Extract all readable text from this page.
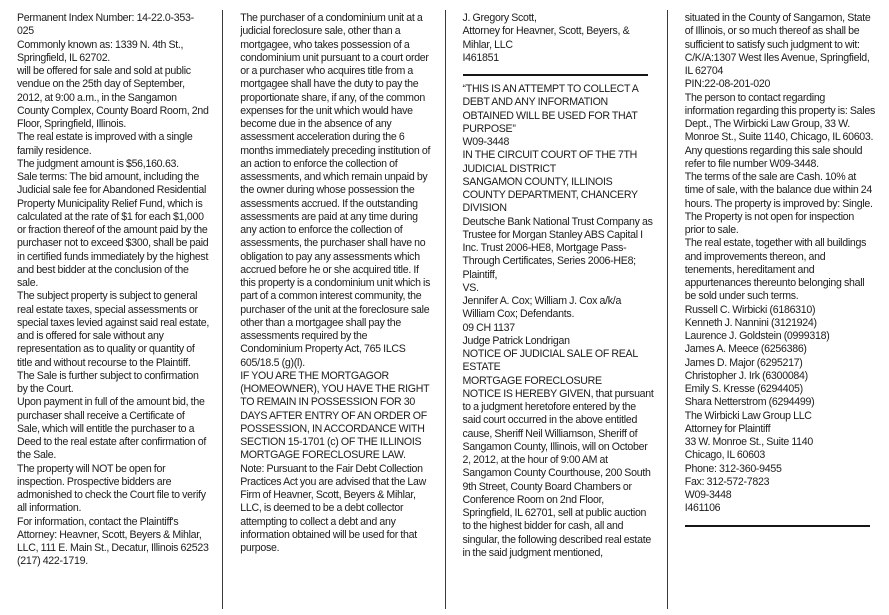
Permanent Index Number: 14-22.0-353-025

Commonly known as: 1339 N. 4th St., Springfield, IL 62702.

will be offered for sale and sold at public vendue on the 25th day of September, 2012, at 9:00 a.m., in the Sangamon County Complex, County Board Room, 2nd Floor, Springfield, Illinois.

The real estate is improved with a single family residence.

The judgment amount is $56,160.63.

Sale terms: The bid amount, including the Judicial sale fee for Abandoned Residential Property Municipality Relief Fund, which is calculated at the rate of $1 for each $1,000 or fraction thereof of the amount paid by the purchaser not to exceed $300, shall be paid in certified funds immediately by the highest and best bidder at the conclusion of the sale.

The subject property is subject to general real estate taxes, special assessments or special taxes levied against said real estate, and is offered for sale without any representation as to quality or quantity of title and without recourse to the Plaintiff. The Sale is further subject to confirmation by the Court.

Upon payment in full of the amount bid, the purchaser shall receive a Certificate of Sale, which will entitle the purchaser to a Deed to the real estate after confirmation of the Sale.

The property will NOT be open for inspection. Prospective bidders are admonished to check the Court file to verify all information.

For information, contact the Plaintiff's Attorney: Heavner, Scott, Beyers & Mihlar, LLC, 111 E. Main St., Decatur, Illinois 62523 (217) 422-1719.

The purchaser of a condominium unit at a judicial foreclosure sale, other than a mortgagee, who takes possession of a condominium unit pursuant to a court order or a purchaser who acquires title from a mortgagee shall have the duty to pay the proportionate share, if any, of the common expenses for the unit which would have become due in the absence of any assessment acceleration during the 6 months immediately preceding institution of an action to enforce the collection of assessments, and which remain unpaid by the owner during whose possession the assessments accrued. If the outstanding assessments are paid at any time during any action to enforce the collection of assessments, the purchaser shall have no obligation to pay any assessments which accrued before he or she acquired title. If this property is a condominium unit which is part of a common interest community, the purchaser of the unit at the foreclosure sale other than a mortgagee shall pay the assessments required by the Condominium Property Act, 765 ILCS 605/18.5 (g)(l).

IF YOU ARE THE MORTGAGOR (HOMEOWNER), YOU HAVE THE RIGHT TO REMAIN IN POSSESSION FOR 30 DAYS AFTER ENTRY OF AN ORDER OF POSSESSION, IN ACCORDANCE WITH SECTION 15-1701 (c) OF THE ILLINOIS MORTGAGE FORECLOSURE LAW.

Note: Pursuant to the Fair Debt Collection Practices Act you are advised that the Law Firm of Heavner, Scott, Beyers & Mihlar, LLC, is deemed to be a debt collector attempting to collect a debt and any information obtained will be used for that purpose.

J. Gregory Scott,

Attorney for Heavner, Scott, Beyers, & Mihlar, LLC

I461851

“THIS IS AN ATTEMPT TO COLLECT A DEBT AND ANY INFORMATION OBTAINED WILL BE USED FOR THAT PURPOSE”

W09-3448

IN THE CIRCUIT COURT OF THE 7TH JUDICIAL DISTRICT

SANGAMON COUNTY, ILLINOIS

COUNTY DEPARTMENT, CHANCERY DIVISION

Deutsche Bank National Trust Company as Trustee for Morgan Stanley ABS Capital I Inc. Trust 2006-HE8, Mortgage Pass-Through Certificates, Series 2006-HE8;

Plaintiff,

VS.

Jennifer A. Cox; William J. Cox a/k/a William Cox; Defendants.

09 CH 1137

Judge Patrick Londrigan

NOTICE OF JUDICIAL SALE OF REAL ESTATE

MORTGAGE FORECLOSURE

NOTICE IS HEREBY GIVEN, that pursuant to a judgment heretofore entered by the said court occurred in the above entitled cause, Sheriff Neil Williamson, Sheriff of Sangamon County, Illinois, will on October 2, 2012, at the hour of 9:00 AM at Sangamon County Courthouse, 200 South 9th Street, County Board Chambers or Conference Room on 2nd Floor, Springfield, IL 62701, sell at public auction to the highest bidder for cash, all and singular, the following described real estate in the said judgment mentioned,

situated in the County of Sangamon, State of Illinois, or so much thereof as shall be sufficient to satisfy such judgment to wit:

C/K/A:1307 West Iles Avenue, Springfield, IL 62704

PIN:22-08-201-020

The person to contact regarding information regarding this property is: Sales Dept., The Wirbicki Law Group, 33 W. Monroe St., Suite 1140, Chicago, IL 60603. Any questions regarding this sale should refer to file number W09-3448.

The terms of the sale are Cash. 10% at time of sale, with the balance due within 24 hours. The property is improved by: Single. The Property is not open for inspection prior to sale.

The real estate, together with all buildings and improvements thereon, and tenements, hereditament and appurtenances thereunto belonging shall be sold under such terms.

Russell C. Wirbicki (6186310)

Kenneth J. Nannini (3121924)

Laurence J. Goldstein (0999318)

James A. Meece (6256386)

James D. Major (6295217)

Christopher J. Irk (6300084)

Emily S. Kresse (6294405)

Shara Netterstrom (6294499)

The Wirbicki Law Group LLC

Attorney for Plaintiff

33 W. Monroe St., Suite 1140

Chicago, IL 60603

Phone: 312-360-9455

Fax: 312-572-7823

W09-3448

I461106
